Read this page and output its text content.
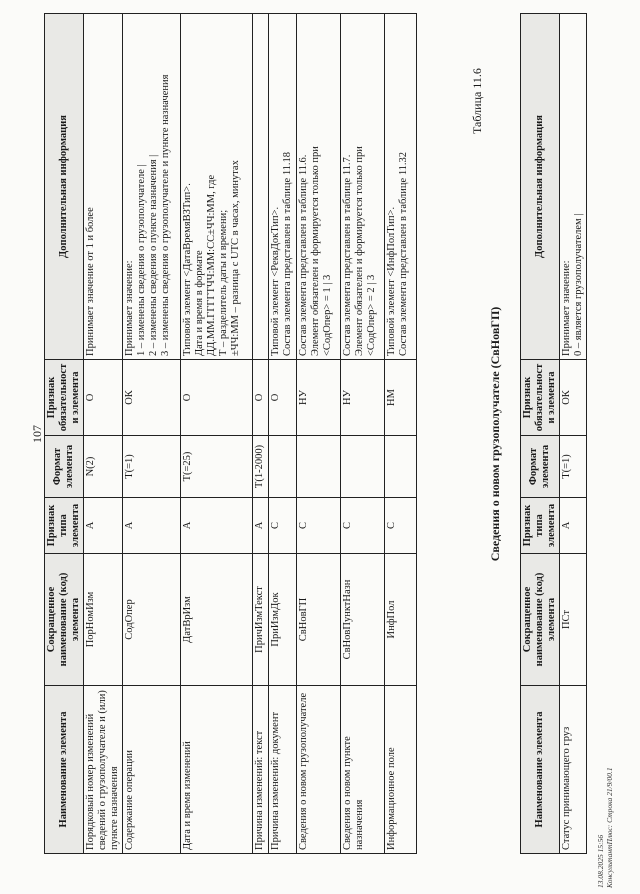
107
Наименование элемента	Сокращенное наименование (код) элемента	Признак типа элемента	Формат элемента	Признак обязательности элемента	Дополнительная информация
Порядковый номер изменений сведений о грузополучателе и (или) пункте назначения	ПорНомИзм	А	N(2)	О	Принимает значение от 1 и более

Содержание операции	СодОпер	А	T(=1)	ОК	Принимает значение: 1 – изменены сведения о грузополучателе | 2 – изменены сведения о пункте назначения | 3 – изменены сведения о грузополучателе и пункте назначения

Дата и время изменений	ДатВрИзм	А	T(=25)	О	Типовой элемент <ДатаВремяВЗТип>. Дата и время в формате ДД.ММ.ГГГГТЧЧ:ММ:СС±ЧЧ:ММ, где Т – разделитель даты и времени; ±ЧЧ:ММ – разница с UTC в часах, минутах

Причина изменений: текст	ПричИзмТекст	А	T(1-2000)	О	
Причина изменений: документ	ПриИзмДок	С		О	Типовой элемент <РеквДокТип>. Состав элемента представлен в таблице 11.18

Сведения о новом грузополучателе	СвНовГП	С		НУ	Состав элемента представлен в таблице 11.6. Элемент обязателен и формируется только при <СодОпер> = 1 | 3

Сведения о новом пункте назначения	СвНовПунктНазн	С		НУ	Состав элемента представлен в таблице 11.7. Элемент обязателен и формируется только при <СодОпер> = 2 | 3

Информационное поле	ИнфПол	С		НМ	Типовой элемент <ИнфПолТип>. Состав элемента представлен в таблице 11.32
Таблица 11.6
Сведения о новом грузополучателе (СвНовГП)
Наименование элемента	Сокращенное наименование (код) элемента	Признак типа элемента	Формат элемента	Признак обязательности элемента	Дополнительная информация
Статус принимающего груз	ПСт	А	T(=1)	ОК	Принимает значение: 0 – является грузополучателем |
13.08.2025 15:56 КонсультантПлюс: Строка 21/9/00.1
